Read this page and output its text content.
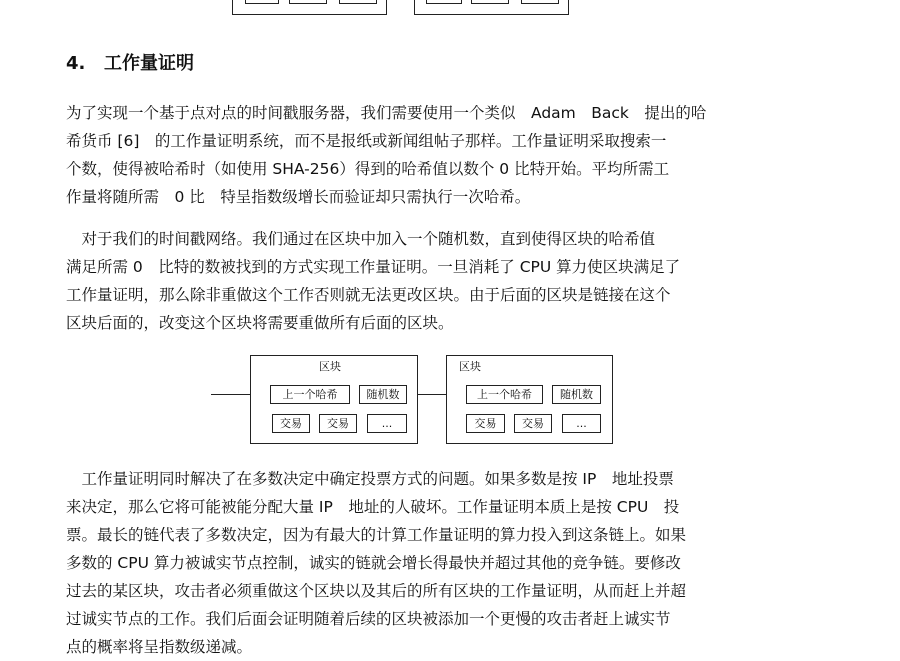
4. 工作量证明
为了实现一个基于点对点的时间戳服务器，我们需要使用一个类似　Adam　Back　提出的哈
希货币 [6]　的工作量证明系统，而不是报纸或新闻组帖子那样。工作量证明采取搜索一
个数，使得被哈希时（如使用 SHA-256）得到的哈希值以数个 0 比特开始。平均所需工
作量将随所需　0 比　特呈指数级增长而验证却只需执行一次哈希。
　对于我们的时间戳网络。我们通过在区块中加入一个随机数，直到使得区块的哈希值
满足所需 0　比特的数被找到的方式实现工作量证明。一旦消耗了 CPU 算力使区块满足了
工作量证明，那么除非重做这个工作否则就无法更改区块。由于后面的区块是链接在这个
区块后面的，改变这个区块将需要重做所有后面的区块。
区块
上一个哈希	随机数
交易	交易	...
区块
上一个哈希	随机数
交易	交易	...
　工作量证明同时解决了在多数决定中确定投票方式的问题。如果多数是按 IP　地址投票
来决定，那么它将可能被能分配大量 IP　地址的人破坏。工作量证明本质上是按 CPU　投
票。最长的链代表了多数决定，因为有最大的计算工作量证明的算力投入到这条链上。如果
多数的 CPU 算力被诚实节点控制，诚实的链就会增长得最快并超过其他的竞争链。要修改
过去的某区块，攻击者必须重做这个区块以及其后的所有区块的工作量证明，从而赶上并超
过诚实节点的工作。我们后面会证明随着后续的区块被添加一个更慢的攻击者赶上诚实节
点的概率将呈指数级递减。
